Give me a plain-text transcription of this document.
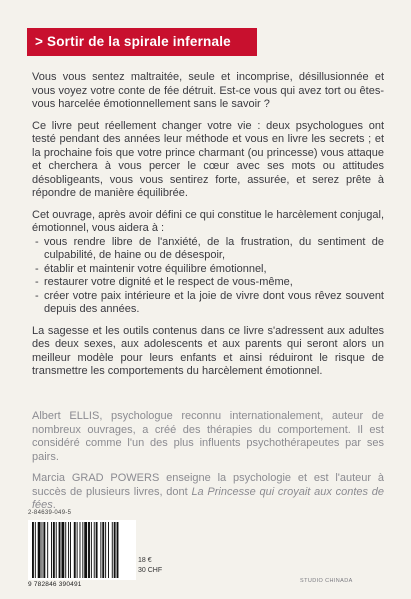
> Sortir de la spirale infernale

Vous vous sentez maltraitée, seule et incomprise, désillusionnée et vous voyez votre conte de fée détruit. Est-ce vous qui avez tort ou êtes-vous harcelée émotionnellement sans le savoir ?

Ce livre peut réellement changer votre vie : deux psychologues ont testé pendant des années leur méthode et vous en livre les secrets ; et la prochaine fois que votre prince charmant (ou princesse) vous attaque et cherchera à vous percer le cœur avec ses mots ou attitudes désobligeants, vous vous sentirez forte, assurée, et serez prête à répondre de manière équilibrée.

Cet ouvrage, après avoir défini ce qui constitue le harcèlement conjugal, émotionnel, vous aidera à :

- vous rendre libre de l'anxiété, de la frustration, du sentiment de culpabilité, de haine ou de désespoir,
- établir et maintenir votre équilibre émotionnel,
- restaurer votre dignité et le respect de vous-même,
- créer votre paix intérieure et la joie de vivre dont vous rêvez souvent depuis des années.

La sagesse et les outils contenus dans ce livre s'adressent aux adultes des deux sexes, aux adolescents et aux parents qui seront alors un meilleur modèle pour leurs enfants et ainsi réduiront le risque de transmettre les comportements du harcèlement émotionnel.

Albert ELLIS, psychologue reconnu internationalement, auteur de nombreux ouvrages, a créé des thérapies du comportement. Il est considéré comme l'un des plus influents psychothérapeutes par ses pairs.

Marcia GRAD POWERS enseigne la psychologie et est l'auteur à succès de plusieurs livres, dont La Princesse qui croyait aux contes de fées.

2-84639-049-5
9 782846 390491
18 €
30 CHF
STUDIO CHINADA
